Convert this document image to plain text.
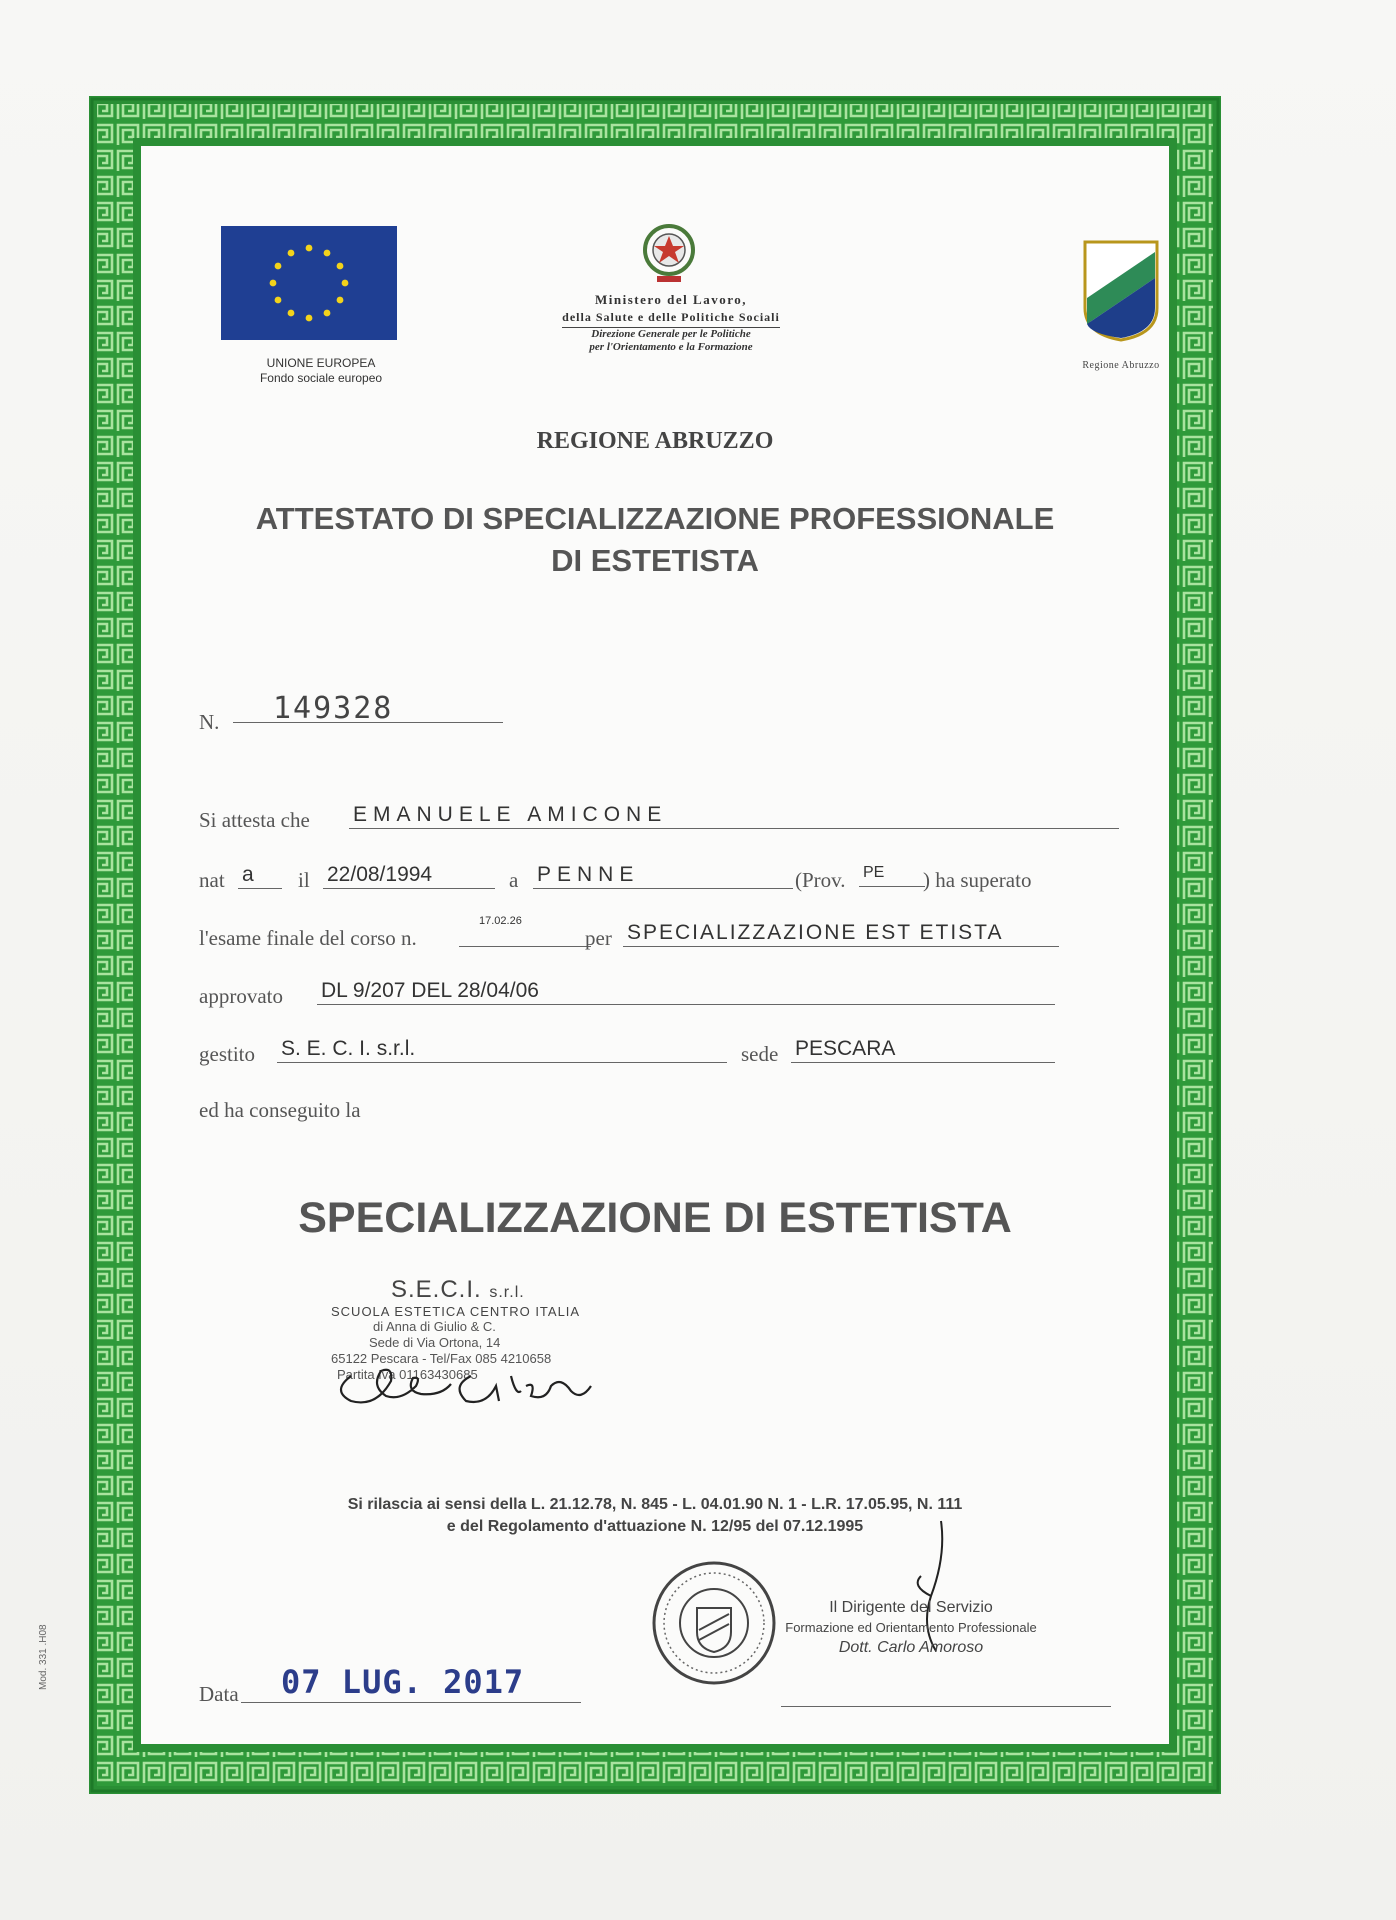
UNIONE EUROPEA
Fondo sociale europeo
Ministero del Lavoro,
della Salute e delle Politiche Sociali
Direzione Generale per le Politiche
per l'Orientamento e la Formazione
Regione Abruzzo
REGIONE ABRUZZO
ATTESTATO DI SPECIALIZZAZIONE PROFESSIONALE
DI ESTETISTA
N.	149328
Si attesta che EMANUELE AMICONE
nat a	il 22/08/1994	a PENNE	(Prov. PE	) ha superato
l'esame finale del corso n.
17.02.26
per SPECIALIZZAZIONE EST ETISTA
approvato DL 9/207 DEL 28/04/06
gestito S. E. C. I. s.r.l.	sede PESCARA
ed ha conseguito la
SPECIALIZZAZIONE DI ESTETISTA
S.E.C.I. s.r.l.
SCUOLA ESTETICA CENTRO ITALIA
di Anna di Giulio & C.
Sede di Via Ortona, 14
65122 Pescara - Tel/Fax 085 4210658
Partita Iva 01163430685
Si rilascia ai sensi della L. 21.12.78, N. 845 - L. 04.01.90 N. 1 - L.R. 17.05.95, N. 111
e del Regolamento d'attuazione N. 12/95 del 07.12.1995
Il Dirigente del Servizio
Formazione ed Orientamento Professionale
Dott. Carlo Amoroso
Data	07 LUG. 2017
Mod. 331 .H08
